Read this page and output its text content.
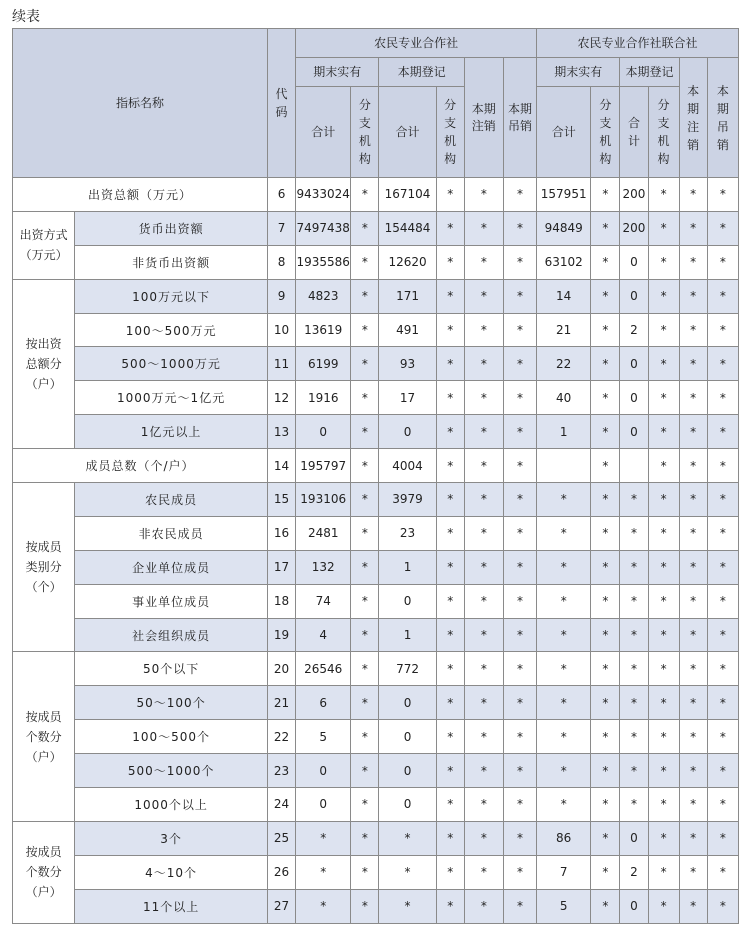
续表
指标名称		代码	农民专业合作社						农民专业合作社联合社					
			期末实有		本期登记		本期注销	本期吊销	期末实有		本期登记		本期注销	本期吊销
			合计	分支机构	合计	分支机构			合计	分支机构	合计	分支机构		
出资总额（万元）		6	9433024	*	167104	*	*	*	157951	*	200	*	*	*
出资方式（万元）	货币出资额	7	7497438	*	154484	*	*	*	94849	*	200	*	*	*
	非货币出资额	8	1935586	*	12620	*	*	*	63102	*	0	*	*	*
按出资总额分（户）	100万元以下	9	4823	*	171	*	*	*	14	*	0	*	*	*
	100～500万元	10	13619	*	491	*	*	*	21	*	2	*	*	*
	500～1000万元	11	6199	*	93	*	*	*	22	*	0	*	*	*
	1000万元～1亿元	12	1916	*	17	*	*	*	40	*	0	*	*	*
	1亿元以上	13	0	*	0	*	*	*	1	*	0	*	*	*
成员总数（个/户）		14	195797	*	4004	*	*	*		*		*	*	*
按成员类别分（个）	农民成员	15	193106	*	3979	*	*	*	*	*	*	*	*	*
	非农民成员	16	2481	*	23	*	*	*	*	*	*	*	*	*
	企业单位成员	17	132	*	1	*	*	*	*	*	*	*	*	*
	事业单位成员	18	74	*	0	*	*	*	*	*	*	*	*	*
	社会组织成员	19	4	*	1	*	*	*	*	*	*	*	*	*
按成员个数分（户）	50个以下	20	26546	*	772	*	*	*	*	*	*	*	*	*
	50～100个	21	6	*	0	*	*	*	*	*	*	*	*	*
	100～500个	22	5	*	0	*	*	*	*	*	*	*	*	*
	500～1000个	23	0	*	0	*	*	*	*	*	*	*	*	*
	1000个以上	24	0	*	0	*	*	*	*	*	*	*	*	*
按成员个数分（户）	3个	25	*	*	*	*	*	*	86	*	0	*	*	*
	4～10个	26	*	*	*	*	*	*	7	*	2	*	*	*
	11个以上	27	*	*	*	*	*	*	5	*	0	*	*	*
